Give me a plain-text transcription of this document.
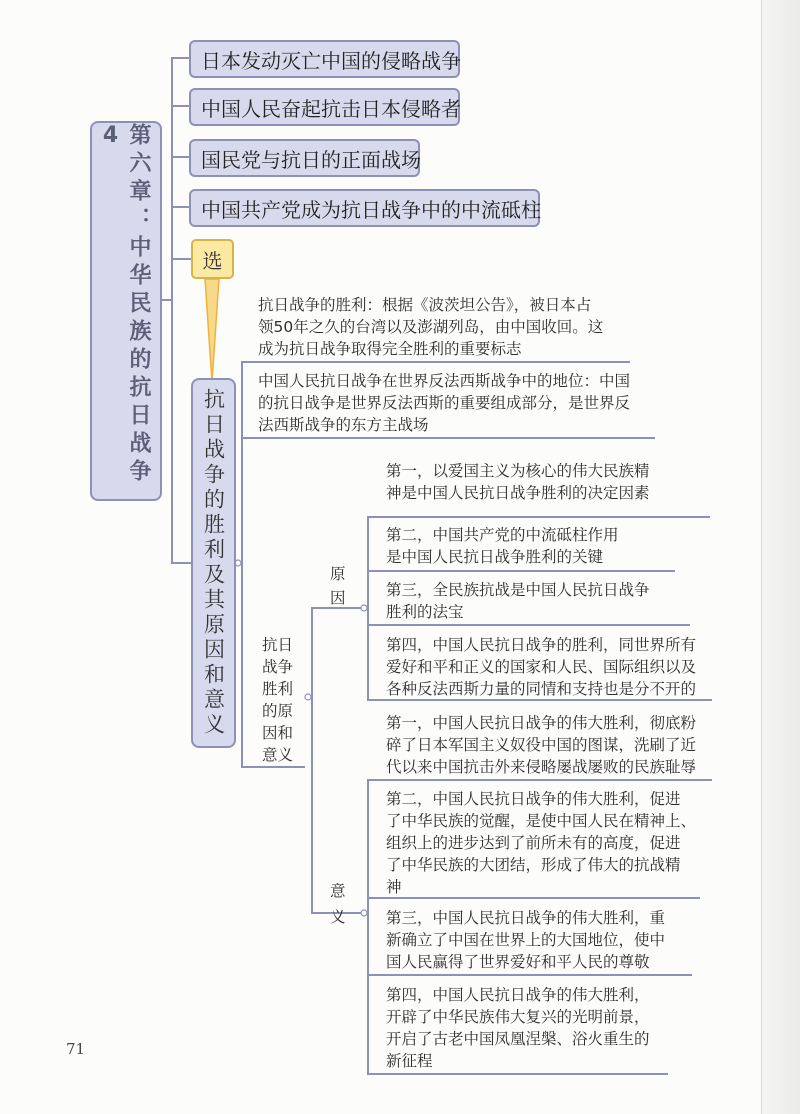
第六章：中华民族的抗日战争4
日本发动灭亡中国的侵略战争
中国人民奋起抗击日本侵略者
国民党与抗日的正面战场
中国共产党成为抗日战争中的中流砥柱
选
抗日战争的胜利及其原因和意义
抗日战争的胜利：根据《波茨坦公告》，被日本占
领50年之久的台湾以及澎湖列岛，由中国收回。这
成为抗日战争取得完全胜利的重要标志
中国人民抗日战争在世界反法西斯战争中的地位：中国
的抗日战争是世界反法西斯的重要组成部分，是世界反
法西斯战争的东方主战场
抗日战争胜利的原因和意义
原因
意义
第一，以爱国主义为核心的伟大民族精
神是中国人民抗日战争胜利的决定因素
第二，中国共产党的中流砥柱作用
是中国人民抗日战争胜利的关键
第三，全民族抗战是中国人民抗日战争
胜利的法宝
第四，中国人民抗日战争的胜利，同世界所有
爱好和平和正义的国家和人民、国际组织以及
各种反法西斯力量的同情和支持也是分不开的
第一，中国人民抗日战争的伟大胜利，彻底粉
碎了日本军国主义奴役中国的图谋，洗刷了近
代以来中国抗击外来侵略屡战屡败的民族耻辱
第二，中国人民抗日战争的伟大胜利，促进
了中华民族的觉醒，是使中国人民在精神上、
组织上的进步达到了前所未有的高度，促进
了中华民族的大团结，形成了伟大的抗战精
神
第三，中国人民抗日战争的伟大胜利，重
新确立了中国在世界上的大国地位，使中
国人民赢得了世界爱好和平人民的尊敬
第四，中国人民抗日战争的伟大胜利，
开辟了中华民族伟大复兴的光明前景，
开启了古老中国凤凰涅槃、浴火重生的
新征程
71
